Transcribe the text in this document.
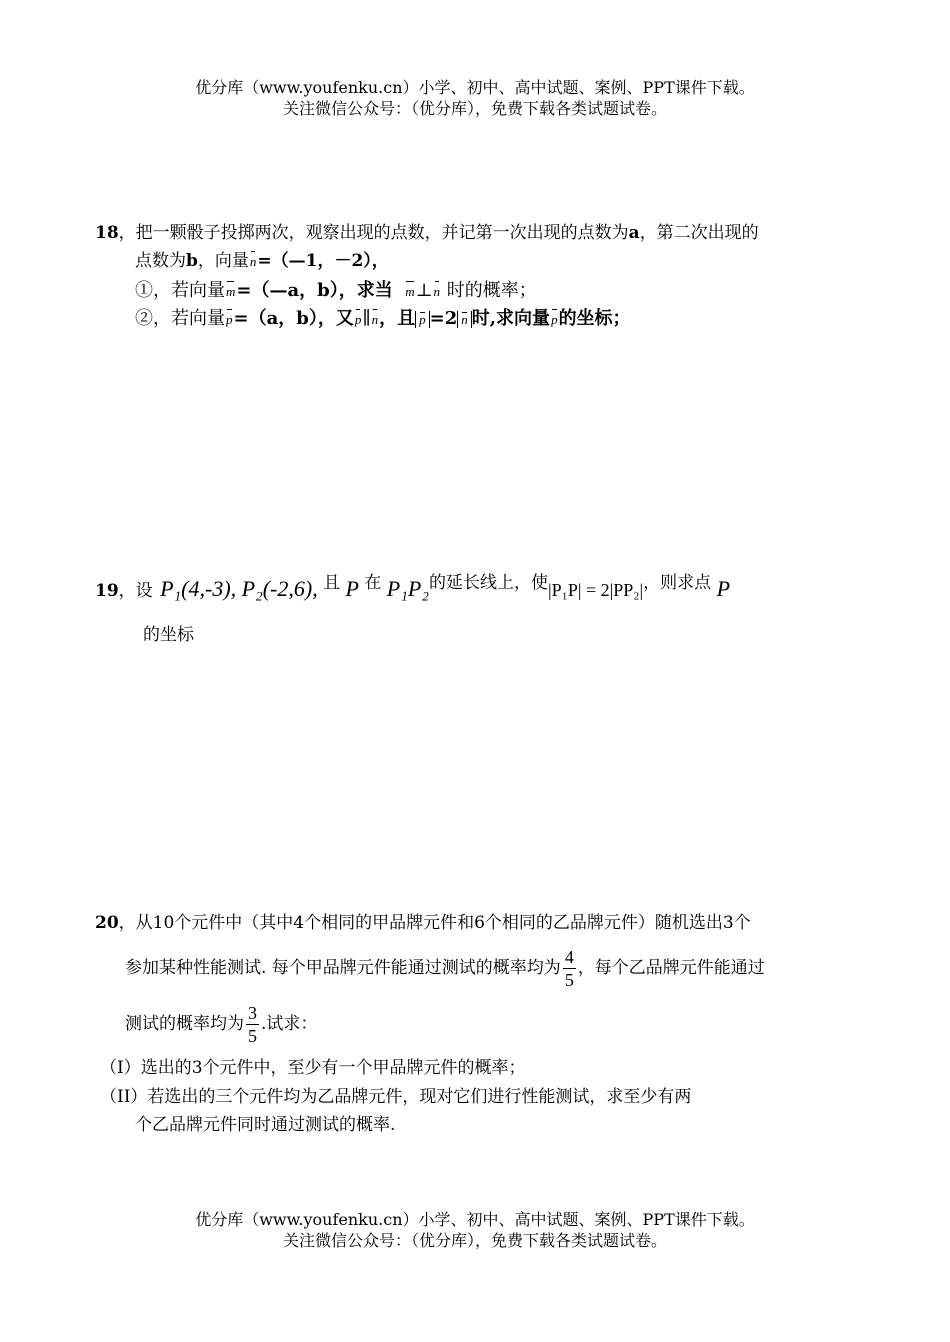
优分库（www.youfenku.cn）小学、初中、高中试题、案例、PPT课件下载。
关注微信公众号：（优分库），免费下载各类试题试卷。
18，把一颗骰子投掷两次，观察出现的点数，并记第一次出现的点数为a，第二次出现的
点数为b，向量n=（—1，－2），
①，若向量m=（—a，b），求当 m⊥n 时的概率；
②，若向量p=（a，b），又p∥n，且 p =2 n 时,求向量p的坐标；
19，设 P₁(4,-3), P₂(-2,6), 且 P 在 P₁P₂的延长线上，使|P₁P| = 2|PP₂|，则求点 P
的坐标
20，从10个元件中（其中4个相同的甲品牌元件和6个相同的乙品牌元件）随机选出3个
参加某种性能测试. 每个甲品牌元件能通过测试的概率均为 $\frac{4}{5}$ ，每个乙品牌元件能通过
测试的概率均为 $\frac{3}{5}$ .试求：
（I）选出的3个元件中，至少有一个甲品牌元件的概率；
（II）若选出的三个元件均为乙品牌元件，现对它们进行性能测试，求至少有两
个乙品牌元件同时通过测试的概率.
优分库（www.youfenku.cn）小学、初中、高中试题、案例、PPT课件下载。
关注微信公众号：（优分库），免费下载各类试题试卷。
